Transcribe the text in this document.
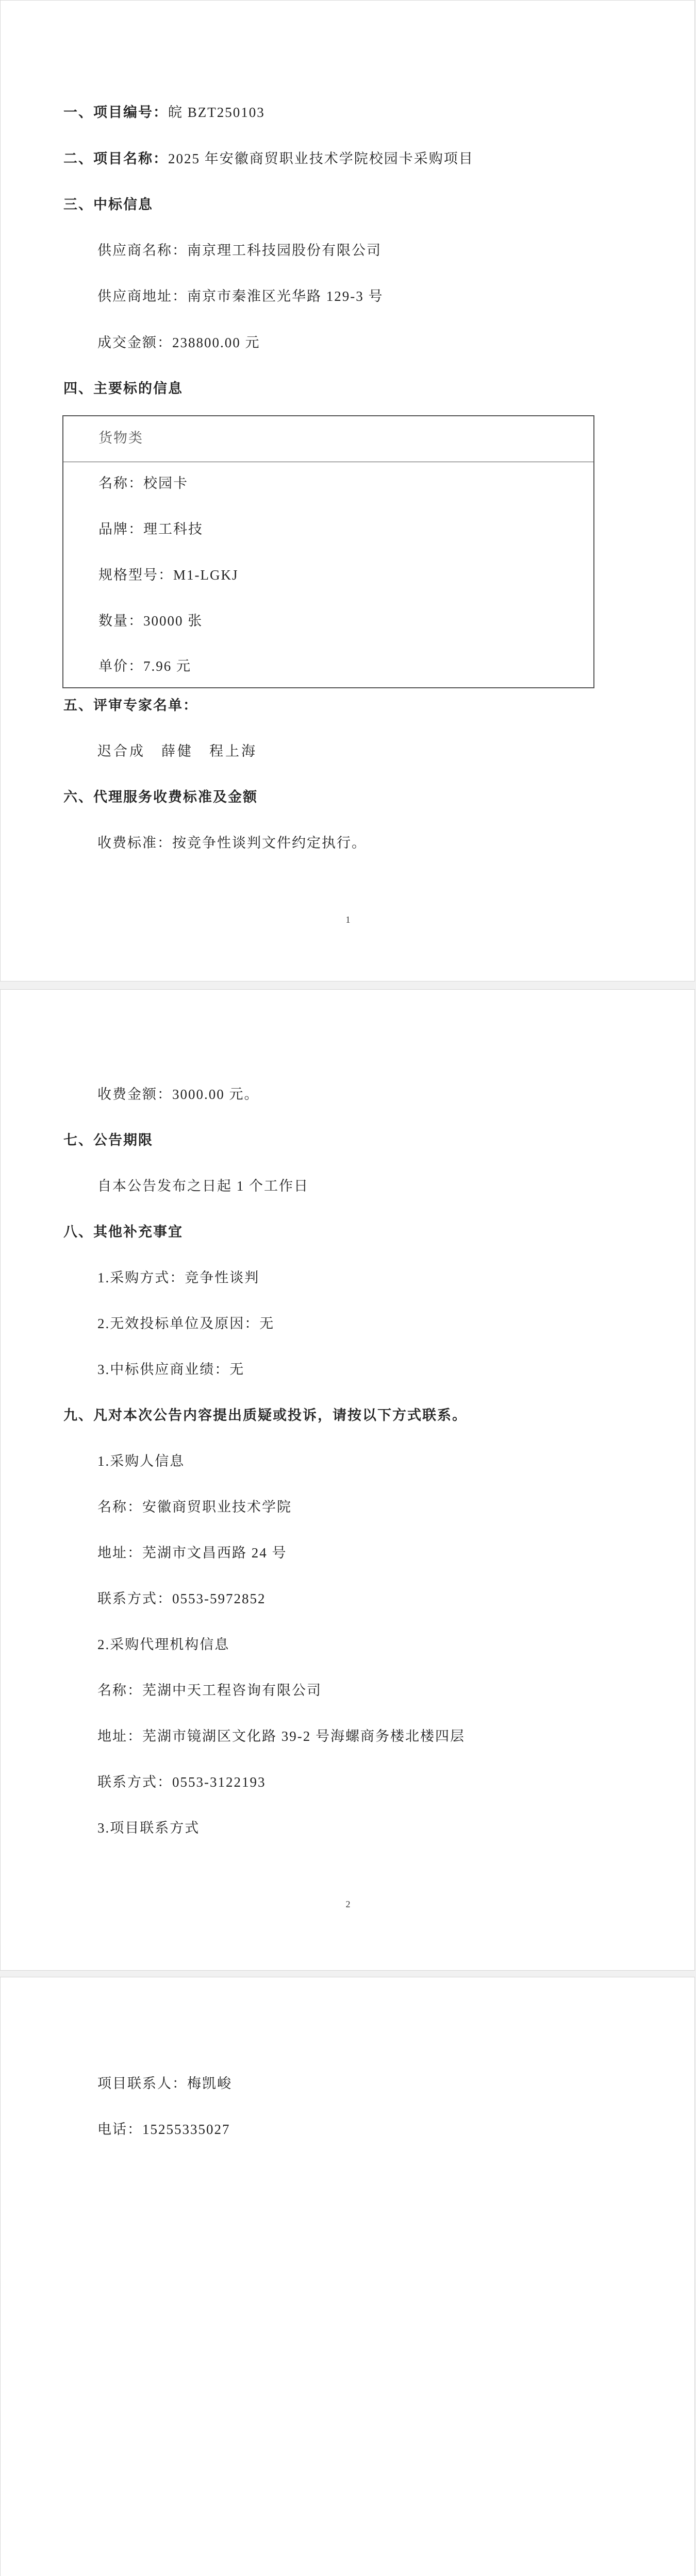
一、项目编号：皖 BZT250103
二、项目名称：2025 年安徽商贸职业技术学院校园卡采购项目
三、中标信息
供应商名称：南京理工科技园股份有限公司
供应商地址：南京市秦淮区光华路 129-3 号
成交金额：238800.00 元
四、主要标的信息
货物类
名称：校园卡
品牌：理工科技
规格型号：M1-LGKJ
数量：30000 张
单价：7.96 元
五、评审专家名单：
迟合成　薛健　程上海
六、代理服务收费标准及金额
收费标准：按竞争性谈判文件约定执行。
1
收费金额：3000.00 元。
七、公告期限
自本公告发布之日起 1 个工作日
八、其他补充事宜
1.采购方式：竞争性谈判
2.无效投标单位及原因：无
3.中标供应商业绩：无
九、凡对本次公告内容提出质疑或投诉，请按以下方式联系。
1.采购人信息
名称：安徽商贸职业技术学院
地址：芜湖市文昌西路 24 号
联系方式：0553-5972852
2.采购代理机构信息
名称：芜湖中天工程咨询有限公司
地址：芜湖市镜湖区文化路 39-2 号海螺商务楼北楼四层
联系方式：0553-3122193
3.项目联系方式
2
项目联系人：梅凯峻
电话：15255335027
